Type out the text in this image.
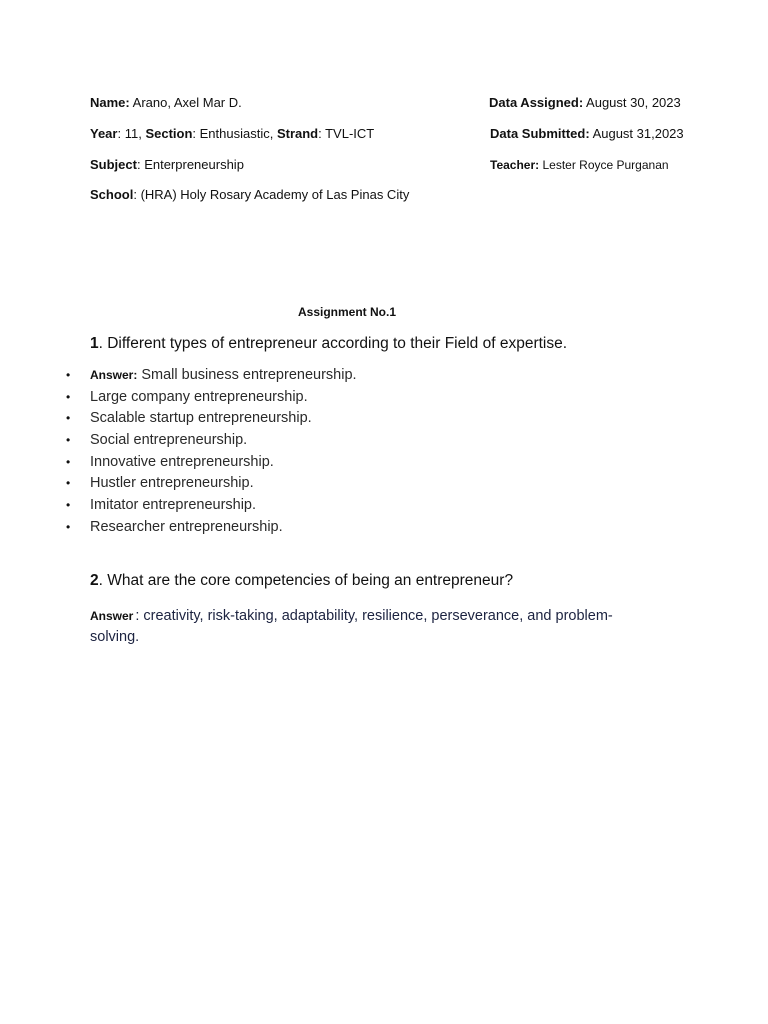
Name: Arano, Axel Mar D.
Year: 11, Section: Enthusiastic, Strand: TVL-ICT
Subject: Enterpreneurship
School: (HRA) Holy Rosary Academy of Las Pinas City
Data Assigned: August 30, 2023
Data Submitted: August 31,2023
Teacher: Lester Royce Purganan
Assignment No.1
1. Different types of entrepreneur according to their Field of expertise.
• Answer: Small business entrepreneurship.
• Large company entrepreneurship.
• Scalable startup entrepreneurship.
• Social entrepreneurship.
• Innovative entrepreneurship.
• Hustler entrepreneurship.
• Imitator entrepreneurship.
• Researcher entrepreneurship.
2. What are the core competencies of being an entrepreneur?
Answer : creativity, risk-taking, adaptability, resilience, perseverance, and problem-solving.
